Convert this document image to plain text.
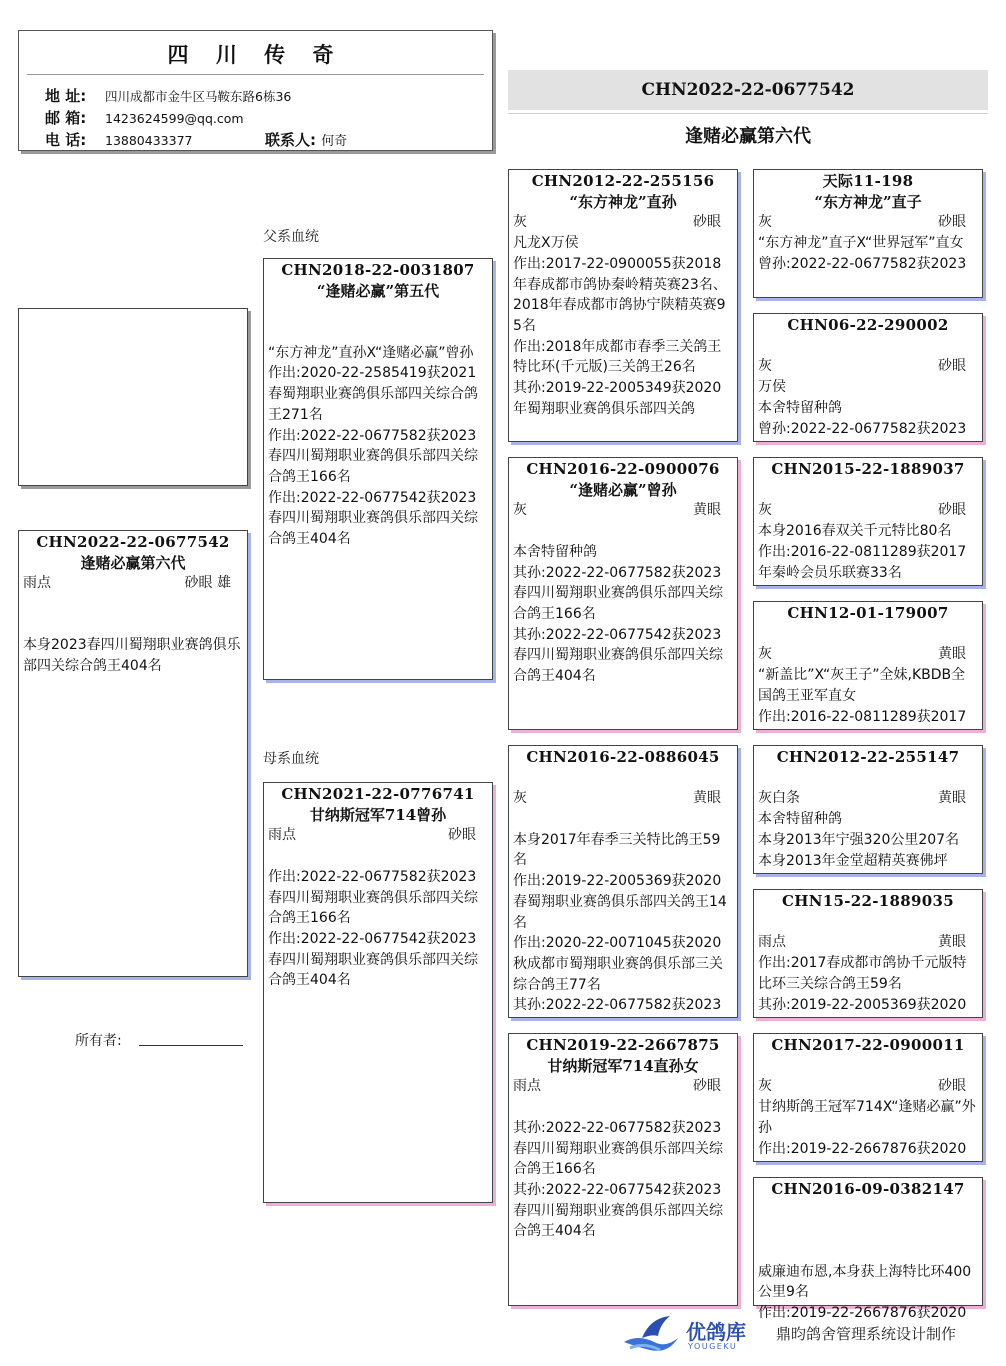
四 川 传 奇
地 址: 四川成都市金牛区马鞍东路6栋36
邮 箱: 1423624599@qq.com
电 话: 13880433377	联系人: 何奇
CHN2022-22-0677542
逢赌必赢第六代
父系血统
母系血统
CHN2022-22-0677542
逢赌必赢第六代
雨点	砂眼 雄
本身2023春四川蜀翔职业赛鸽俱乐部四关综合鸽王404名
CHN2018-22-0031807
“逢赌必赢”第五代
“东方神龙”直孙X“逢赌必赢”曾孙
作出:2020-22-2585419获2021春蜀翔职业赛鸽俱乐部四关综合鸽王271名
作出:2022-22-0677582获2023春四川蜀翔职业赛鸽俱乐部四关综合鸽王166名
作出:2022-22-0677542获2023春四川蜀翔职业赛鸽俱乐部四关综合鸽王404名
CHN2021-22-0776741
甘纳斯冠军714曾孙
雨点	砂眼
作出:2022-22-0677582获2023春四川蜀翔职业赛鸽俱乐部四关综合鸽王166名
作出:2022-22-0677542获2023春四川蜀翔职业赛鸽俱乐部四关综合鸽王404名
CHN2012-22-255156
“东方神龙”直孙
灰	砂眼
凡龙X万侯
作出:2017-22-0900055获2018年春成都市鸽协秦岭精英赛23名、2018年春成都市鸽协宁陕精英赛95名
作出:2018年成都市春季三关鸽王特比环(千元版)三关鸽王26名
其孙:2019-22-2005349获2020年蜀翔职业赛鸽俱乐部四关鸽
CHN2016-22-0900076
“逢赌必赢”曾孙
灰	黄眼
本舍特留种鸽
其孙:2022-22-0677582获2023春四川蜀翔职业赛鸽俱乐部四关综合鸽王166名
其孙:2022-22-0677542获2023春四川蜀翔职业赛鸽俱乐部四关综合鸽王404名
CHN2016-22-0886045
灰	黄眼
本身2017年春季三关特比鸽王59名
作出:2019-22-2005369获2020春蜀翔职业赛鸽俱乐部四关鸽王14名
作出:2020-22-0071045获2020秋成都市蜀翔职业赛鸽俱乐部三关综合鸽王77名
其孙:2022-22-0677582获2023
CHN2019-22-2667875
甘纳斯冠军714直孙女
雨点	砂眼
其孙:2022-22-0677582获2023春四川蜀翔职业赛鸽俱乐部四关综合鸽王166名
其孙:2022-22-0677542获2023春四川蜀翔职业赛鸽俱乐部四关综合鸽王404名
天际11-198
“东方神龙”直子
灰	砂眼
“东方神龙”直子X“世界冠军”直女
曾孙:2022-22-0677582获2023
CHN06-22-290002
灰	砂眼
万侯
本舍特留种鸽
曾孙:2022-22-0677582获2023
CHN2015-22-1889037
灰	砂眼
本身2016春双关千元特比80名
作出:2016-22-0811289获2017年秦岭会员乐联赛33名
CHN12-01-179007
灰	黄眼
“新盖比”X“灰王子”全妹,KBDB全国鸽王亚军直女
作出:2016-22-0811289获2017
CHN2012-22-255147
灰白条	黄眼
本舍特留种鸽
本身2013年宁强320公里207名
本身2013年金堂超精英赛佛坪
CHN15-22-1889035
雨点	黄眼
作出:2017春成都市鸽协千元版特比环三关综合鸽王59名
其孙:2019-22-2005369获2020
CHN2017-22-0900011
灰	砂眼
甘纳斯鸽王冠军714X“逢赌必赢”外孙
作出:2019-22-2667876获2020
CHN2016-09-0382147
威廉迪布恩,本身获上海特比环400公里9名
作出:2019-22-2667876获2020
所有者:
优鸽库
YOUGEKU
鼎昀鸽舍管理系统设计制作
